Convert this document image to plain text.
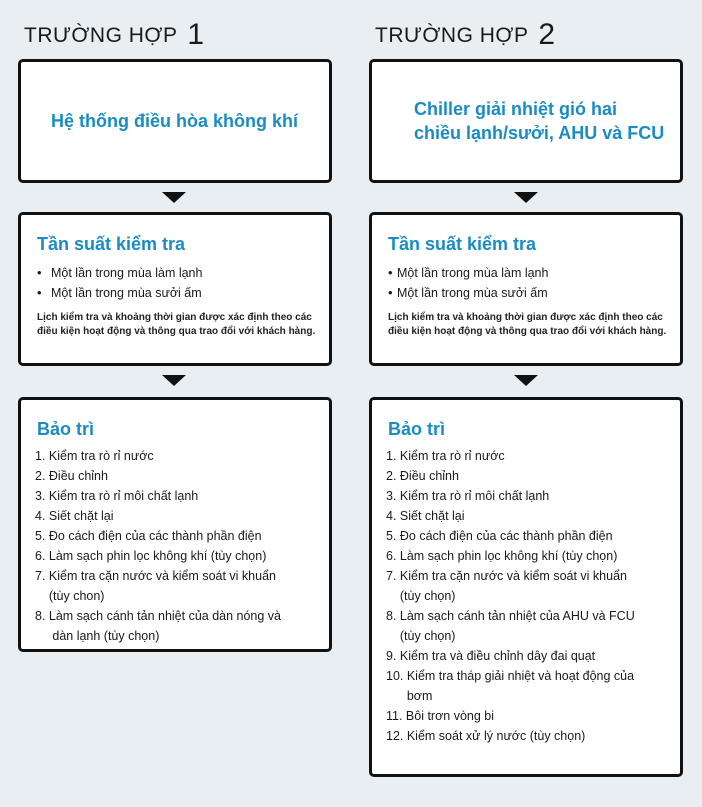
TRƯỜNG HỢP 1
Hệ thống điều hòa không khí
Tần suất kiểm tra
• Một lần trong mùa làm lạnh
• Một lần trong mùa sưởi ấm
Lịch kiểm tra và khoảng thời gian được xác định theo các điều kiện hoạt động và thông qua trao đổi với khách hàng.
Bảo trì
1. Kiểm tra rò rỉ nước
2. Điều chỉnh
3. Kiểm tra rò rỉ môi chất lạnh
4. Siết chặt lại
5. Đo cách điện của các thành phần điện
6. Làm sạch phin lọc không khí (tùy chọn)
7. Kiểm tra cặn nước và kiểm soát vi khuẩn
(tùy chon)
8. Làm sạch cánh tản nhiệt của dàn nóng và
dàn lạnh (tùy chọn)
TRƯỜNG HỢP 2
Chiller giải nhiệt gió hai chiều lạnh/sưởi, AHU và FCU
Tần suất kiểm tra
• Một lần trong mùa làm lạnh
• Một lần trong mùa sưởi ấm
Lịch kiểm tra và khoảng thời gian được xác định theo các điều kiện hoạt động và thông qua trao đổi với khách hàng.
Bảo trì
1. Kiểm tra rò rỉ nước
2. Điều chỉnh
3. Kiểm tra rò rỉ môi chất lạnh
4. Siết chặt lại
5. Đo cách điện của các thành phần điện
6. Làm sạch phin lọc không khí (tùy chọn)
7. Kiểm tra cặn nước và kiểm soát vi khuẩn
(tùy chọn)
8. Làm sạch cánh tản nhiệt của AHU và FCU
(tùy chọn)
9. Kiểm tra và điều chỉnh dây đai quạt
10. Kiểm tra tháp giải nhiệt và hoạt động của
bơm
11. Bôi trơn vòng bi
12. Kiểm soát xử lý nước (tùy chọn)
